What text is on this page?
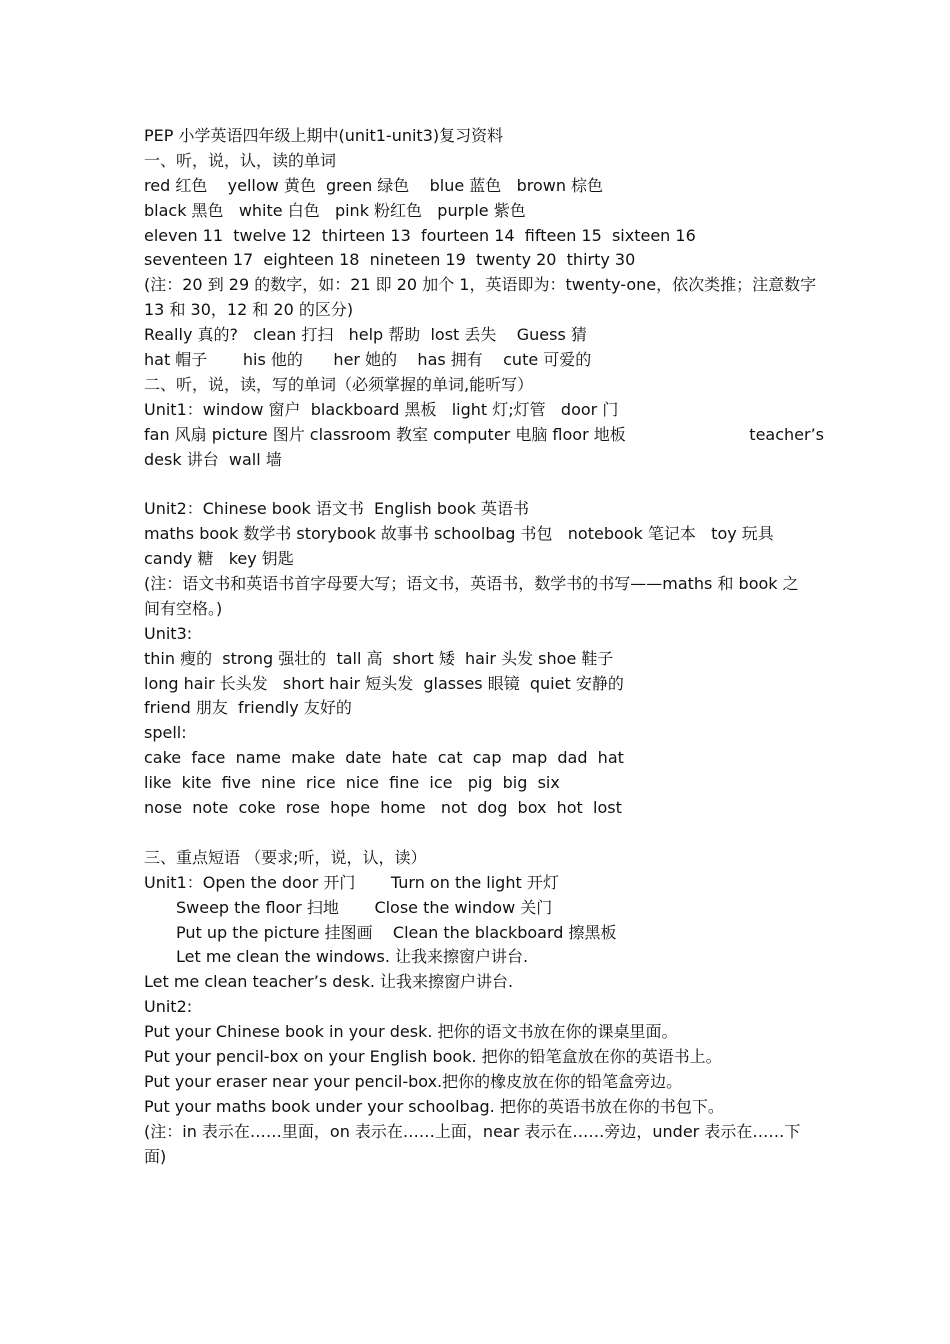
PEP 小学英语四年级上期中(unit1-unit3)复习资料
一、听，说，认，读的单词
red 红色    yellow 黄色  green 绿色    blue 蓝色   brown 棕色
black 黑色   white 白色   pink 粉红色   purple 紫色
eleven 11  twelve 12  thirteen 13  fourteen 14  fifteen 15  sixteen 16
seventeen 17  eighteen 18  nineteen 19  twenty 20  thirty 30
(注：20 到 29 的数字，如：21 即 20 加个 1，英语即为：twenty-one，依次类推；注意数字
13 和 30，12 和 20 的区分)
Really 真的?   clean 打扫   help 帮助  lost 丢失    Guess 猜
hat 帽子       his 他的      her 她的    has 拥有    cute 可爱的
二、听，说，读，写的单词（必须掌握的单词,能听写）
Unit1：window 窗户  blackboard 黑板   light 灯;灯管   door 门
fan 风扇 picture 图片 classroom 教室 computer 电脑 floor 地板	teacher’s
desk 讲台  wall 墙
Unit2：Chinese book 语文书  English book 英语书
maths book 数学书 storybook 故事书 schoolbag 书包   notebook 笔记本   toy 玩具
candy 糖   key 钥匙
(注：语文书和英语书首字母要大写；语文书，英语书，数学书的书写——maths 和 book 之
间有空格。)
Unit3:
thin 瘦的  strong 强壮的  tall 高  short 矮  hair 头发 shoe 鞋子
long hair 长头发   short hair 短头发  glasses 眼镜  quiet 安静的
friend 朋友  friendly 友好的
spell:
cake  face  name  make  date  hate  cat  cap  map  dad  hat
like  kite  five  nine  rice  nice  fine  ice   pig  big  six
nose  note  coke  rose  hope  home   not  dog  box  hot  lost
三、重点短语 （要求;听，说，认，读）
Unit1：Open the door 开门       Turn on the light 开灯
Sweep the floor 扫地       Close the window 关门
Put up the picture 挂图画    Clean the blackboard 擦黑板
Let me clean the windows. 让我来擦窗户讲台.
Let me clean teacher’s desk. 让我来擦窗户讲台.
Unit2:
Put your Chinese book in your desk. 把你的语文书放在你的课桌里面。
Put your pencil-box on your English book. 把你的铅笔盒放在你的英语书上。
Put your eraser near your pencil-box.把你的橡皮放在你的铅笔盒旁边。
Put your maths book under your schoolbag. 把你的英语书放在你的书包下。
(注：in 表示在……里面，on 表示在……上面，near 表示在……旁边，under 表示在……下
面)
